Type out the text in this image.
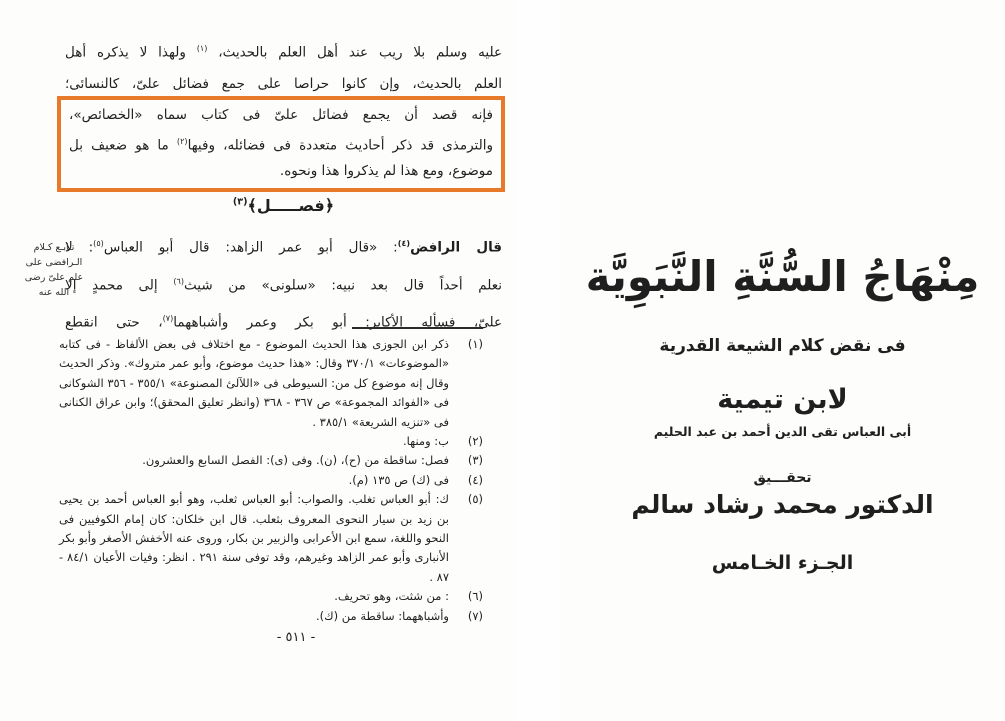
عليه وسلم بلا ريب عند أهل العلم بالحديث، $^{(١)}$ ولهذا لا يذكره أهل
العلم بالحديث، وإن كانوا حراصا على جمع فضائل علىّ، كالنسائى؛
فإنه قصد أن يجمع فضائل علىّ فى كتاب سماه «الخصائص»،
والترمذى قد ذكر أحاديث متعددة فى فضائله، وفيها$^{(٢)}$ ما هو ضعيف بل
موضوع، ومع هذا لم يذكروا هذا ونحوه.
﴿فصـــــل﴾$^{(٣)}$
قال الرافض$^{(٤)}$: «قال أبو عمر الزاهد: قال أبو العباس$^{(٥)}$: لا
نعلم أحداً قال بعد نبيه: «سلونى» من شيث$^{(٦)}$ إلى محمدٍ إلا
علىّ، فسأله الأكابر: أبو بكر وعمر وأشباههما$^{(٧)}$، حتى انقطع
تـابـع كـلام
الـرافضى على
علم علىّ رضى
الله عنه
(١)
ذكر ابن الجوزى هذا الحديث الموضوع - مع اختلاف فى بعض الألفاظ - فى كتابه «الموضوعات» ٣٧٠/١ وقال: «هذا حديث موضوع، وأبو عمر متروك». وذكر الحديث وقال إنه موضوع كل من: السيوطى فى «اللآلئ المصنوعة» ٣٥٥/١ - ٣٥٦ الشوكانى فى «الفوائد المجموعة» ص ٣٦٧ - ٣٦٨ (وانظر تعليق المحقق)؛ وابن عراق الكنانى فى «تنزيه الشريعة» ٣٨٥/١ .
(٢)
ب: ومنها.
(٣)
فصل: ساقطة من (ح)، (ن). وفى (ى): الفصل السابع والعشرون.
(٤)
فى (ك) ص ١٣٥ (م).
(٥)
ك: أبو العباس تغلب. والصواب: أبو العباس ثعلب، وهو أبو العباس أحمد بن يحيى بن زيد بن سيار النحوى المعروف بثعلب. قال ابن خلكان: كان إمام الكوفيين فى النحو واللغة، سمع ابن الأعرابى والزبير بن بكار، وروى عنه الأخفش الأصغر وأبو بكر الأنبارى وأبو عمر الزاهد وغيرهم، وقد توفى سنة ٢٩١ . انظر: وفيات الأعيان ٨٤/١ - ٨٧ .
(٦)
: من شثت، وهو تحريف.
(٧)
وأشباههما: ساقطة من (ك).
- ٥١١ -
مِنْهَاجُ السُّنَّةِ النَّبَوِيَّة
فى نقض كلام الشيعة القدرية
لابن تيمية
أبى العباس تقى الدين أحمد بن عبد الحليم
تحقـــيق
الدكتور محمد رشاد سالم
الجـزء الخـامس
